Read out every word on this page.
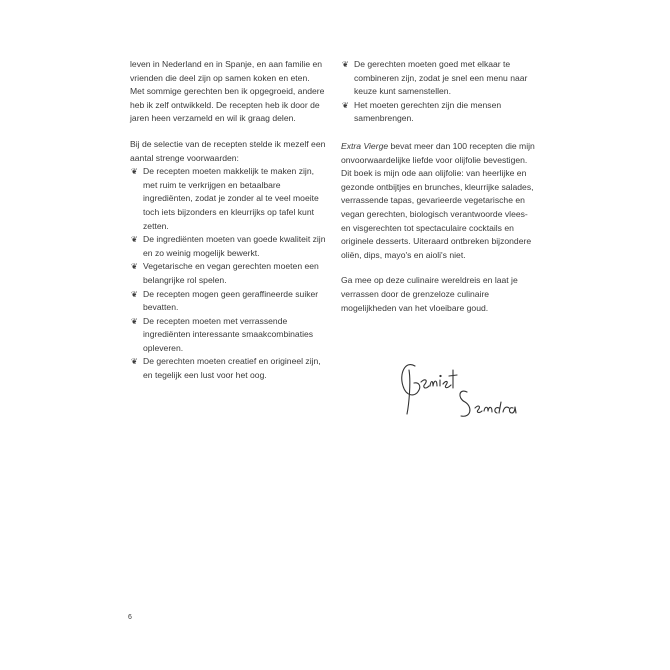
leven in Nederland en in Spanje, en aan familie en vrienden die deel zijn op samen koken en eten. Met sommige gerechten ben ik opgegroeid, andere heb ik zelf ontwikkeld. De recepten heb ik door de jaren heen verzameld en wil ik graag delen.

Bij de selectie van de recepten stelde ik mezelf een aantal strenge voorwaarden:

❦ De recepten moeten makkelijk te maken zijn, met ruim te verkrijgen en betaalbare ingrediënten, zodat je zonder al te veel moeite toch iets bijzonders en kleurrijks op tafel kunt zetten.
❦ De ingrediënten moeten van goede kwaliteit zijn en zo weinig mogelijk bewerkt.
❦ Vegetarische en vegan gerechten moeten een belangrijke rol spelen.
❦ De recepten mogen geen geraffineerde suiker bevatten.
❦ De recepten moeten met verrassende ingrediënten interessante smaakcombinaties opleveren.
❦ De gerechten moeten creatief en origineel zijn, en tegelijk een lust voor het oog.
❦ De gerechten moeten goed met elkaar te combineren zijn, zodat je snel een menu naar keuze kunt samenstellen.
❦ Het moeten gerechten zijn die mensen samenbrengen.

Extra Vierge bevat meer dan 100 recepten die mijn onvoorwaardelijke liefde voor olijfolie bevestigen. Dit boek is mijn ode aan olijfolie: van heerlijke en gezonde ontbijtjes en brunches, kleurrijke salades, verrassende tapas, gevarieerde vegetarische en vegan gerechten, biologisch verantwoorde vlees- en visgerechten tot spectaculaire cocktails en originele desserts. Uiteraard ontbreken bijzondere oliën, dips, mayo's en aioli's niet.

Ga mee op deze culinaire wereldreis en laat je verrassen door de grenzeloze culinaire mogelijkheden van het vloeibare goud.

Geniet Sandra
6
